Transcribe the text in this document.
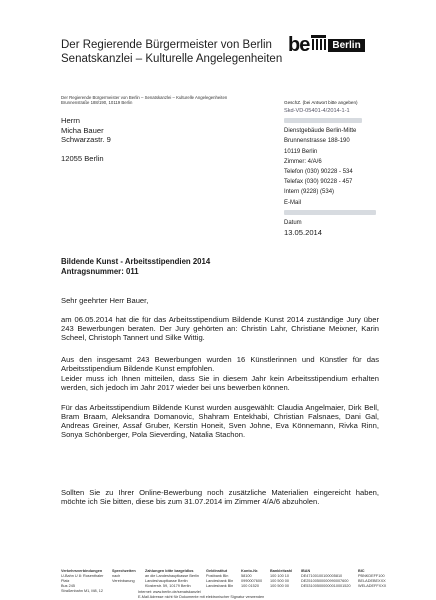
Der Regierende Bürgermeister von Berlin
Senatskanzlei – Kulturelle Angelegenheiten
be	Berlin
Der Regierende Bürgermeister von Berlin – Senatskanzlei – Kulturelle Angelegenheiten
Brunnenstraße 188/190, 10119 Berlin
Herrn
Micha Bauer
Schwarzastr. 9
12055 Berlin
GeschZ. (bei Antwort bitte angeben)
Skd-VD-05401-4/2014-1-1
Dienstgebäude Berlin-Mitte
Brunnenstrasse 188-190
10119 Berlin
Zimmer: 4/A/6
Telefon (030) 90228 - 534
Telefax (030) 90228 - 457
Intern (9228) (534)
E-Mail
Datum
13.05.2014
Bildende Kunst - Arbeitsstipendien 2014
Antragsnummer: 011
Sehr geehrter Herr Bauer,
am 06.05.2014 hat die für das Arbeitsstipendium Bildende Kunst 2014 zuständige Jury über 243 Bewerbungen beraten. Der Jury gehörten an: Christin Lahr, Christiane Meixner, Karin Scheel, Christoph Tannert und Silke Wittig.
Aus den insgesamt 243 Bewerbungen wurden 16 Künstlerinnen und Künstler für das Arbeitsstipendium Bildende Kunst empfohlen.
Leider muss ich Ihnen mitteilen, dass Sie in diesem Jahr kein Arbeitsstipendium erhalten werden, sich jedoch im Jahr 2017 wieder bei uns bewerben können.
Für das Arbeitsstipendium Bildende Kunst wurden ausgewählt: Claudia Angelmaier, Dirk Bell, Bram Braam, Aleksandra Domanovic, Shahram Entekhabi, Christian Falsnaes, Dani Gal, Andreas Greiner, Assaf Gruber, Kerstin Honeit, Sven Johne, Eva Könnemann, Rivka Rinn, Sonya Schönberger, Pola Sieverding, Natalia Stachon.
Sollten Sie zu Ihrer Online-Bewerbung noch zusätzliche Materialien eingereicht haben, möchte ich Sie bitten, diese bis zum 31.07.2014 im Zimmer 4/A/6 abzuholen.
Verkehrsverbindungen
U-Bahn U 8: Rosenthaler Platz
Bus 245
Straßenbahn M1, M8, 12
Sprechzeiten
nach
Vereinbarung
Zahlungen bitte bargeldlos
an die Landeshauptkasse Berlin
Landeshauptkasse Berlin
Klosterstr. 59, 10179 Berlin
Geldinstitut
Postbank Bln
Landesbank Bln
Landesbank Bln
Konto-Nr.
58100
0990007600
100 01520
Bankleitzahl
100 100 10
100 500 00
100 500 00
IBAN
DE47100100100005810
DE25100500000990007600
DE531005000000010001520
BIC
PBNKDEFF100
BELADEBEXXX
WELADEFFXXX
Internet: www.berlin.de/senatskanzlei
E-Mail Adresse nicht für Dokumente mit elektronischer Signatur verwenden
